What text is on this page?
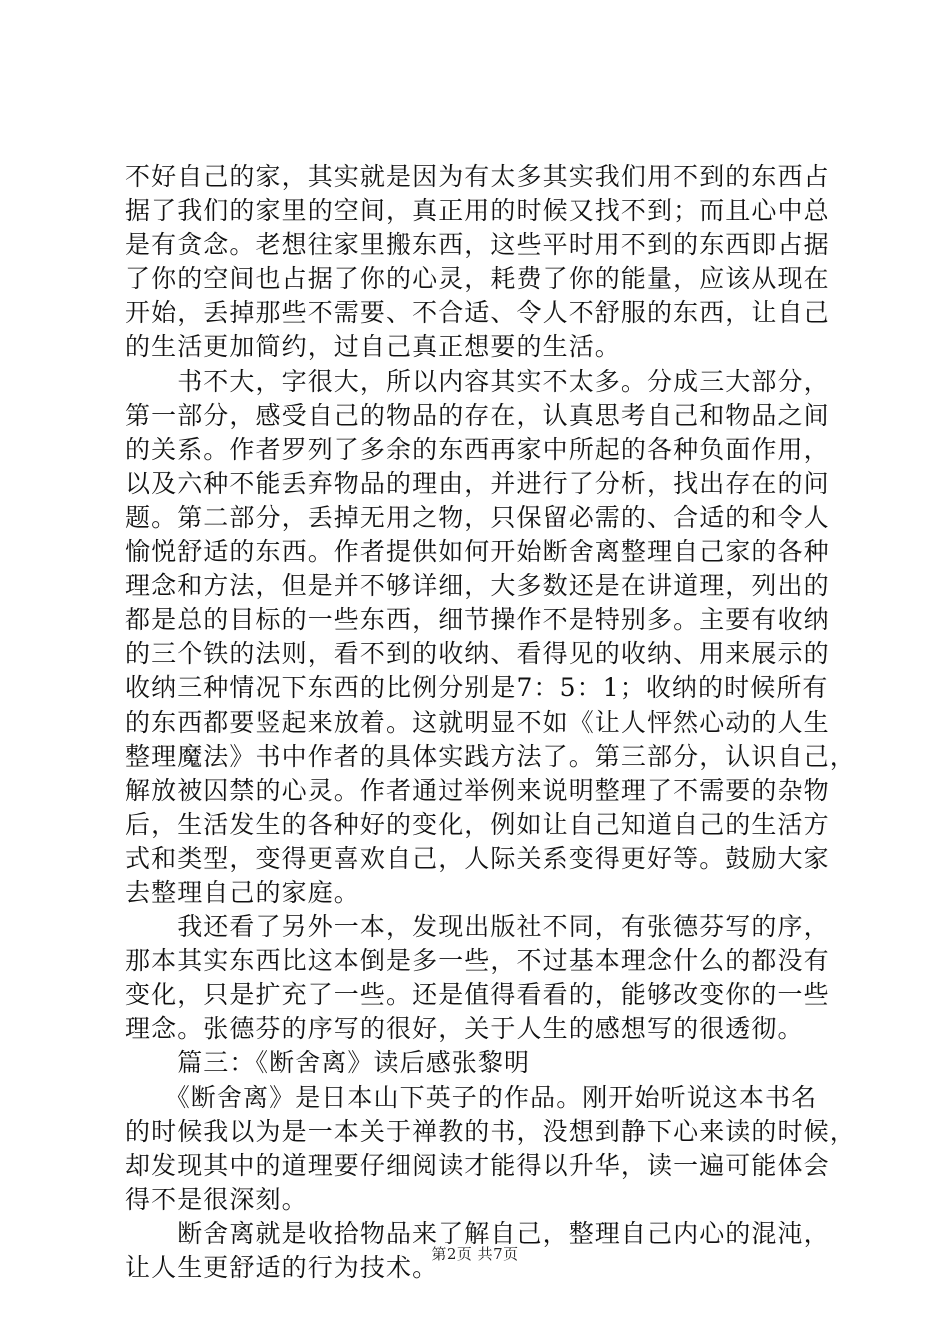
不好自己的家，其实就是因为有太多其实我们用不到的东西占
据了我们的家里的空间，真正用的时候又找不到；而且心中总
是有贪念。老想往家里搬东西，这些平时用不到的东西即占据
了你的空间也占据了你的心灵，耗费了你的能量，应该从现在
开始，丢掉那些不需要、不合适、令人不舒服的东西，让自己
的生活更加简约，过自己真正想要的生活。
　　书不大，字很大，所以内容其实不太多。分成三大部分，
第一部分，感受自己的物品的存在，认真思考自己和物品之间
的关系。作者罗列了多余的东西再家中所起的各种负面作用，
以及六种不能丢弃物品的理由，并进行了分析，找出存在的问
题。第二部分，丢掉无用之物，只保留必需的、合适的和令人
愉悦舒适的东西。作者提供如何开始断舍离整理自己家的各种
理念和方法，但是并不够详细，大多数还是在讲道理，列出的
都是总的目标的一些东西，细节操作不是特别多。主要有收纳
的三个铁的法则，看不到的收纳、看得见的收纳、用来展示的
收纳三种情况下东西的比例分别是7：5：1；收纳的时候所有
的东西都要竖起来放着。这就明显不如《让人怦然心动的人生
整理魔法》书中作者的具体实践方法了。第三部分，认识自己，
解放被囚禁的心灵。作者通过举例来说明整理了不需要的杂物
后，生活发生的各种好的变化，例如让自己知道自己的生活方
式和类型，变得更喜欢自己，人际关系变得更好等。鼓励大家
去整理自己的家庭。
　　我还看了另外一本，发现出版社不同，有张德芬写的序，
那本其实东西比这本倒是多一些，不过基本理念什么的都没有
变化，只是扩充了一些。还是值得看看的，能够改变你的一些
理念。张德芬的序写的很好，关于人生的感想写的很透彻。
　　篇三：《断舍离》读后感张黎明
　　《断舍离》是日本山下英子的作品。刚开始听说这本书名
的时候我以为是一本关于禅教的书，没想到静下心来读的时候，
却发现其中的道理要仔细阅读才能得以升华，读一遍可能体会
得不是很深刻。
　　断舍离就是收拾物品来了解自己，整理自己内心的混沌，
让人生更舒适的行为技术。
第2页 共7页
